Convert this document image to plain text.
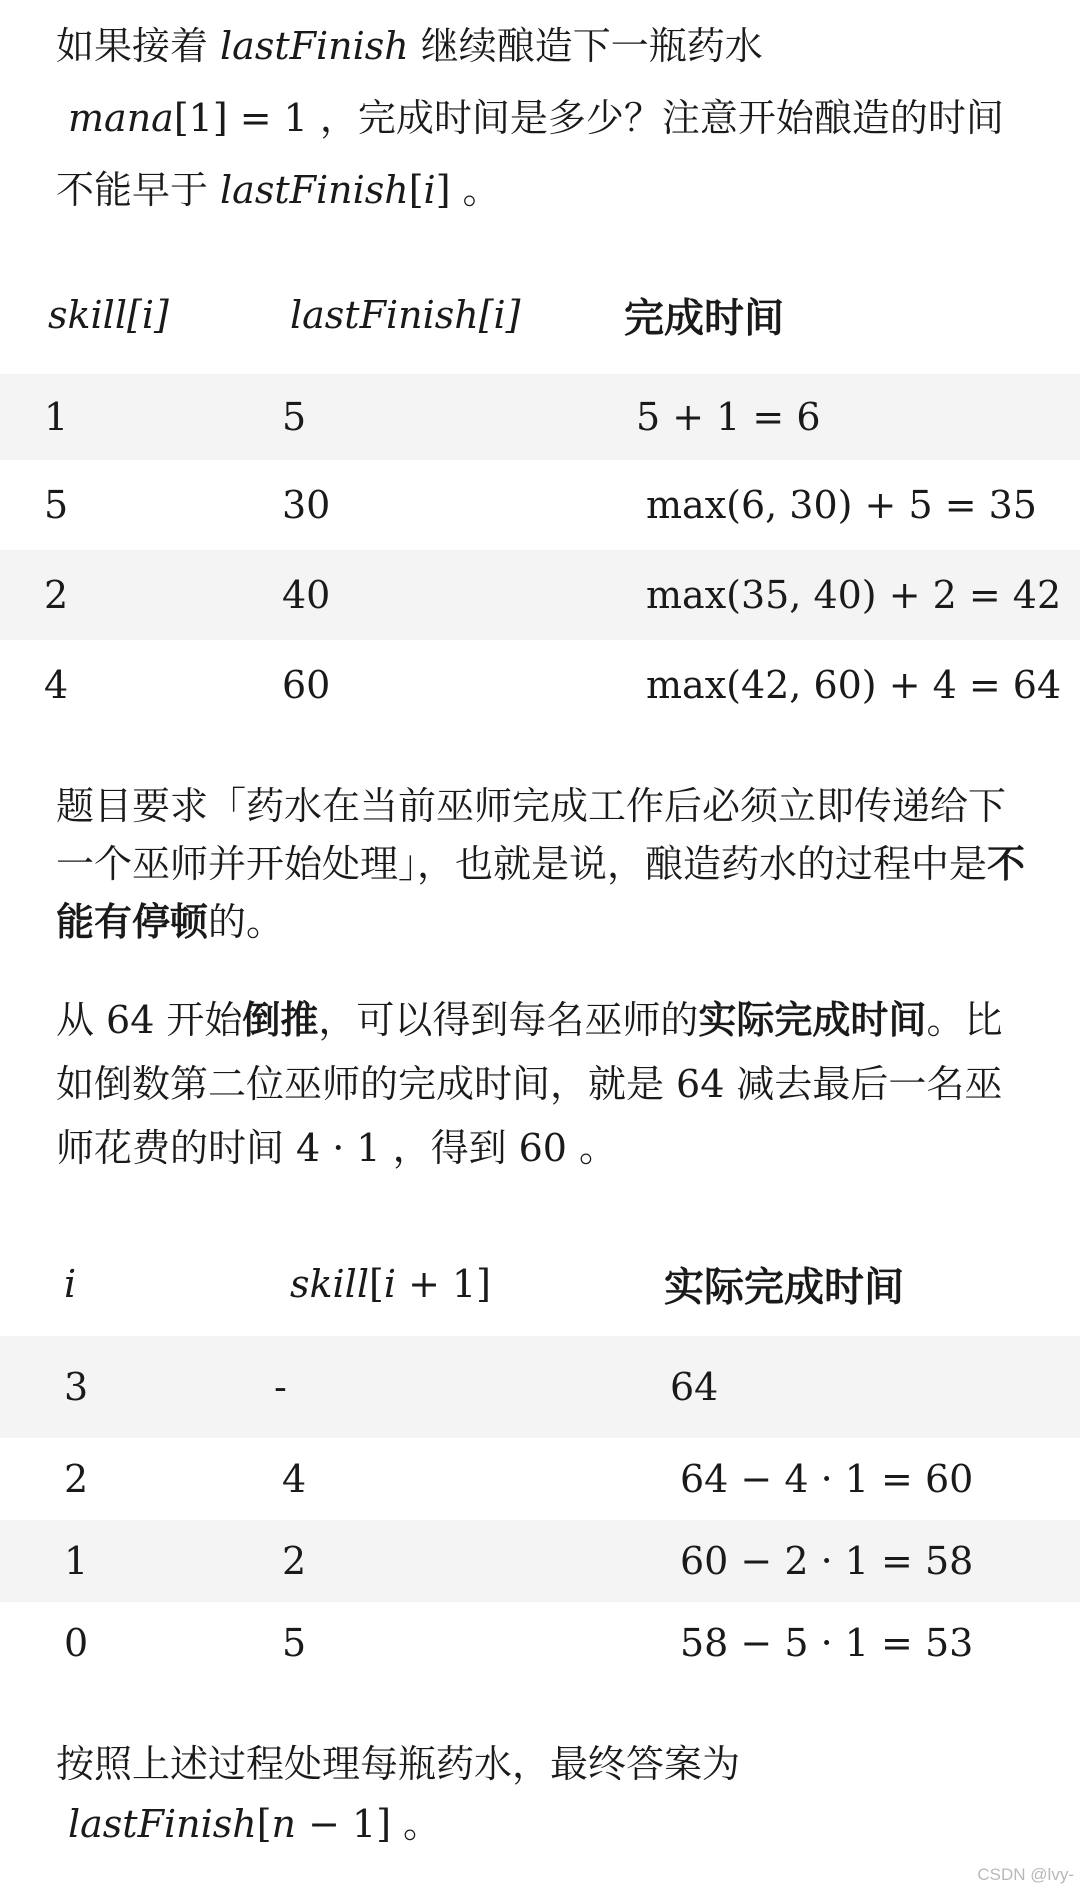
如果接着 lastFinish 继续酿造下一瓶药水
mana[1] = 1 ，完成时间是多少？注意开始酿造的时间不能早于 lastFinish[i] 。

skill[i]	lastFinish[i]	完成时间
1	5	5 + 1 = 6
5	30	max(6, 30) + 5 = 35
2	40	max(35, 40) + 2 = 42
4	60	max(42, 60) + 4 = 64

题目要求「药水在当前巫师完成工作后必须立即传递给下一个巫师并开始处理」，也就是说，酿造药水的过程中是不能有停顿的。

从 64 开始倒推，可以得到每名巫师的实际完成时间。比如倒数第二位巫师的完成时间，就是 64 减去最后一名巫师花费的时间 4 · 1 ，得到 60 。

i	skill[i + 1]	实际完成时间
3	-	64
2	4	64 − 4 · 1 = 60
1	2	60 − 2 · 1 = 58
0	5	58 − 5 · 1 = 53

按照上述过程处理每瓶药水，最终答案为
lastFinish[n − 1] 。

CSDN @lvy-
